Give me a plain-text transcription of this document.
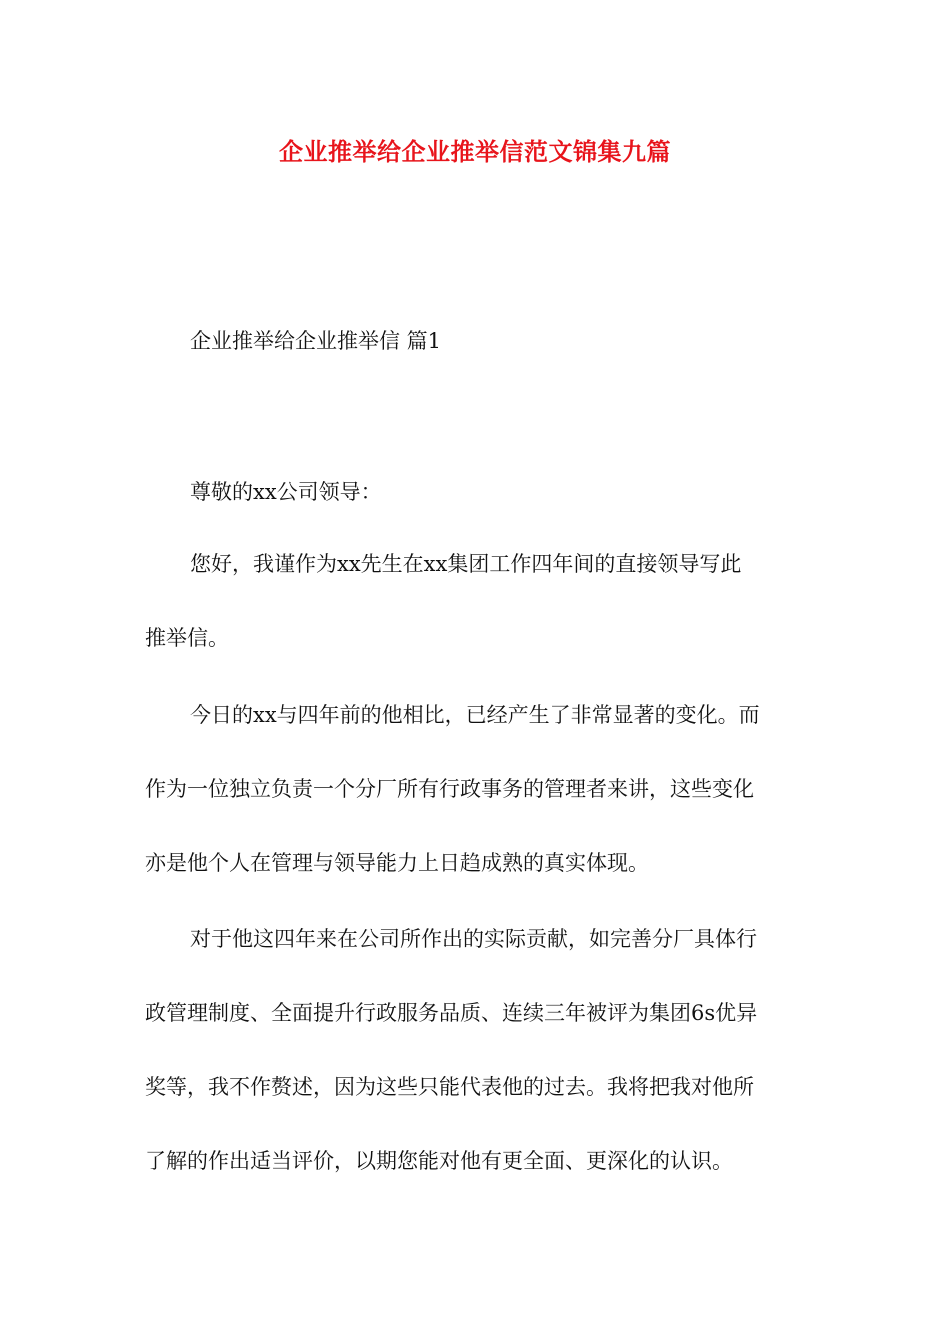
企业推举给企业推举信范文锦集九篇
企业推举给企业推举信 篇1
尊敬的xx公司领导：
您好，我谨作为xx先生在xx集团工作四年间的直接领导写此
推举信。
今日的xx与四年前的他相比，已经产生了非常显著的变化。而
作为一位独立负责一个分厂所有行政事务的管理者来讲，这些变化
亦是他个人在管理与领导能力上日趋成熟的真实体现。
对于他这四年来在公司所作出的实际贡献，如完善分厂具体行
政管理制度、全面提升行政服务品质、连续三年被评为集团6s优异
奖等，我不作赘述，因为这些只能代表他的过去。我将把我对他所
了解的作出适当评价，以期您能对他有更全面、更深化的认识。
